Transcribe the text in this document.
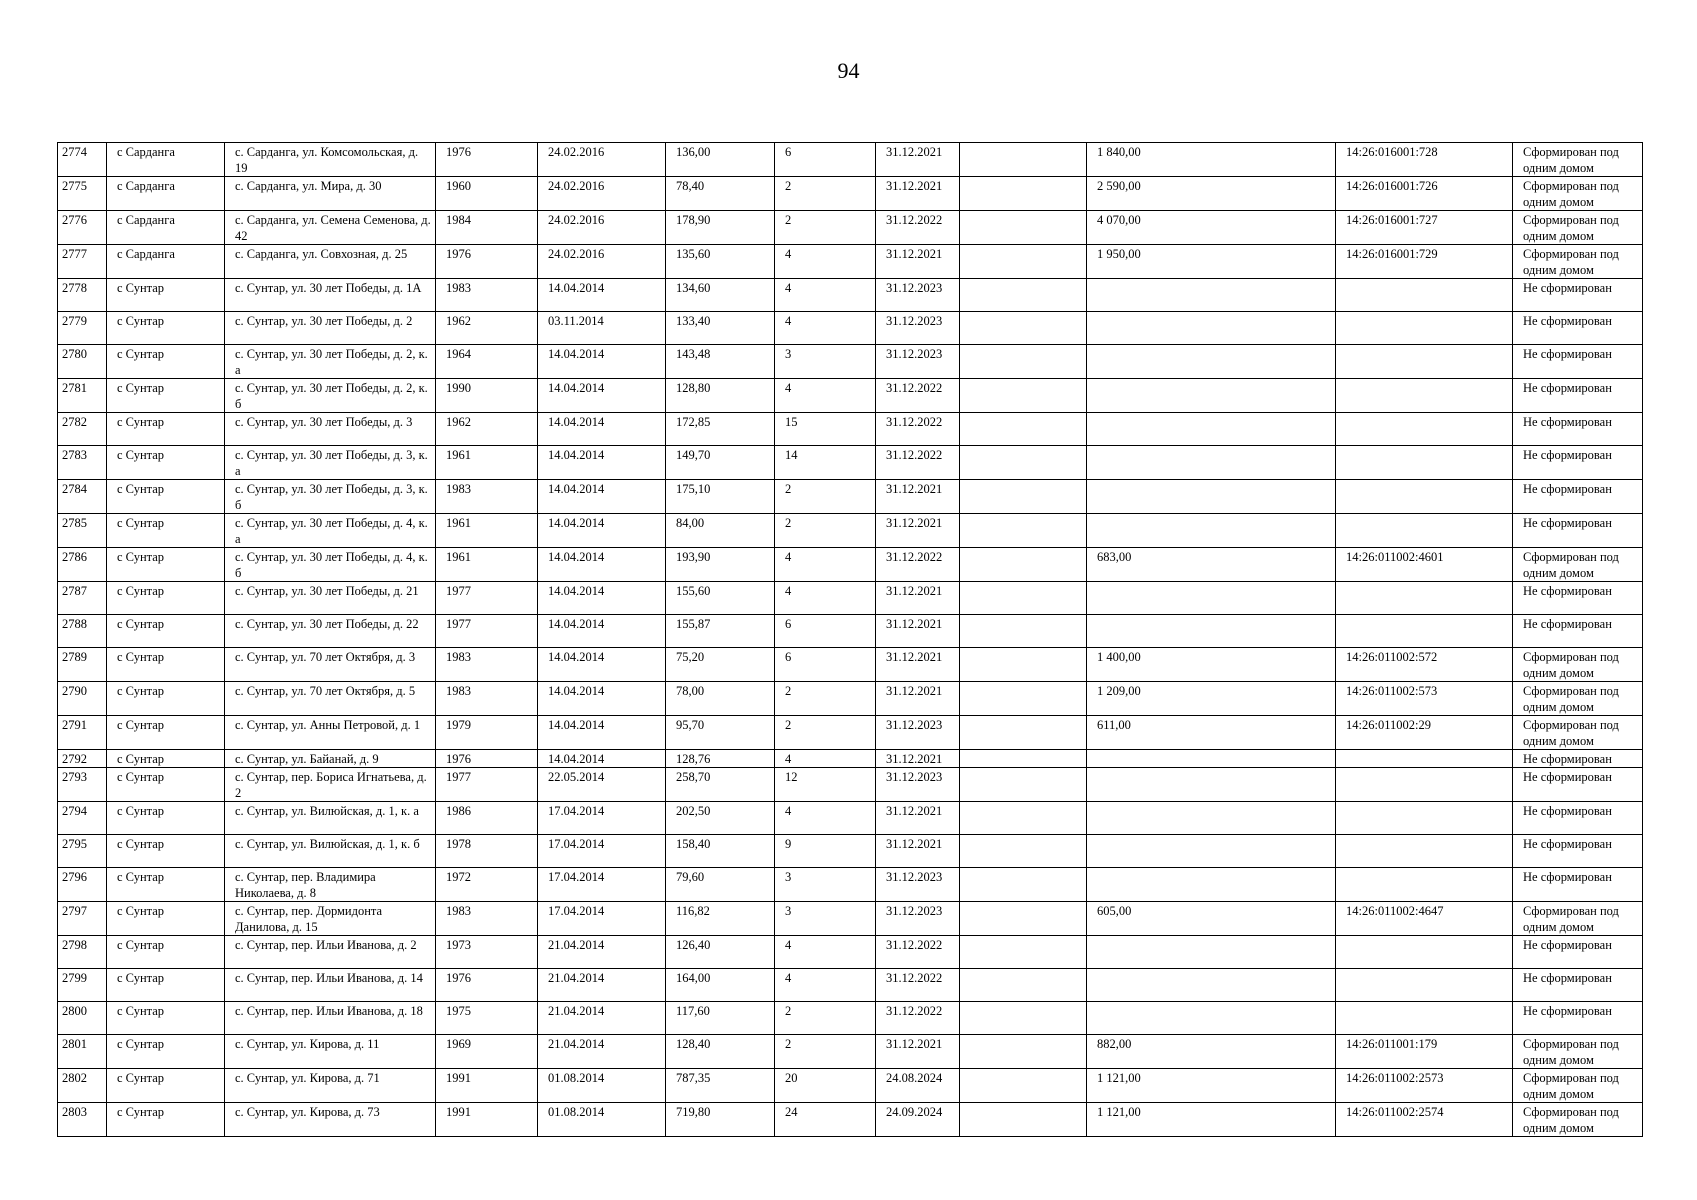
94
2774	с Сарданга	с. Сарданга, ул. Комсомольская, д. 19	1976	24.02.2016	136,00	6	31.12.2021		1 840,00	14:26:016001:728	Сформирован под одним домом
2775	с Сарданга	с. Сарданга, ул. Мира, д. 30	1960	24.02.2016	78,40	2	31.12.2021		2 590,00	14:26:016001:726	Сформирован под одним домом
2776	с Сарданга	с. Сарданга, ул. Семена Семенова, д. 42	1984	24.02.2016	178,90	2	31.12.2022		4 070,00	14:26:016001:727	Сформирован под одним домом
2777	с Сарданга	с. Сарданга, ул. Совхозная, д. 25	1976	24.02.2016	135,60	4	31.12.2021		1 950,00	14:26:016001:729	Сформирован под одним домом
2778	с Сунтар	с. Сунтар, ул. 30 лет Победы, д. 1А	1983	14.04.2014	134,60	4	31.12.2023				Не сформирован
2779	с Сунтар	с. Сунтар, ул. 30 лет Победы, д. 2	1962	03.11.2014	133,40	4	31.12.2023				Не сформирован
2780	с Сунтар	с. Сунтар, ул. 30 лет Победы, д. 2, к. а	1964	14.04.2014	143,48	3	31.12.2023				Не сформирован
2781	с Сунтар	с. Сунтар, ул. 30 лет Победы, д. 2, к. б	1990	14.04.2014	128,80	4	31.12.2022				Не сформирован
2782	с Сунтар	с. Сунтар, ул. 30 лет Победы, д. 3	1962	14.04.2014	172,85	15	31.12.2022				Не сформирован
2783	с Сунтар	с. Сунтар, ул. 30 лет Победы, д. 3, к. а	1961	14.04.2014	149,70	14	31.12.2022				Не сформирован
2784	с Сунтар	с. Сунтар, ул. 30 лет Победы, д. 3, к. б	1983	14.04.2014	175,10	2	31.12.2021				Не сформирован
2785	с Сунтар	с. Сунтар, ул. 30 лет Победы, д. 4, к. а	1961	14.04.2014	84,00	2	31.12.2021				Не сформирован
2786	с Сунтар	с. Сунтар, ул. 30 лет Победы, д. 4, к. б	1961	14.04.2014	193,90	4	31.12.2022		683,00	14:26:011002:4601	Сформирован под одним домом
2787	с Сунтар	с. Сунтар, ул. 30 лет Победы, д. 21	1977	14.04.2014	155,60	4	31.12.2021				Не сформирован
2788	с Сунтар	с. Сунтар, ул. 30 лет Победы, д. 22	1977	14.04.2014	155,87	6	31.12.2021				Не сформирован
2789	с Сунтар	с. Сунтар, ул. 70 лет Октября, д. 3	1983	14.04.2014	75,20	6	31.12.2021		1 400,00	14:26:011002:572	Сформирован под одним домом
2790	с Сунтар	с. Сунтар, ул. 70 лет Октября, д. 5	1983	14.04.2014	78,00	2	31.12.2021		1 209,00	14:26:011002:573	Сформирован под одним домом
2791	с Сунтар	с. Сунтар, ул. Анны Петровой, д. 1	1979	14.04.2014	95,70	2	31.12.2023		611,00	14:26:011002:29	Сформирован под одним домом
2792	с Сунтар	с. Сунтар, ул. Байанай, д. 9	1976	14.04.2014	128,76	4	31.12.2021				Не сформирован
2793	с Сунтар	с. Сунтар, пер. Бориса Игнатьева, д. 2	1977	22.05.2014	258,70	12	31.12.2023				Не сформирован
2794	с Сунтар	с. Сунтар, ул. Вилюйская, д. 1, к. а	1986	17.04.2014	202,50	4	31.12.2021				Не сформирован
2795	с Сунтар	с. Сунтар, ул. Вилюйская, д. 1, к. б	1978	17.04.2014	158,40	9	31.12.2021				Не сформирован
2796	с Сунтар	с. Сунтар, пер. Владимира Николаева, д. 8	1972	17.04.2014	79,60	3	31.12.2023				Не сформирован
2797	с Сунтар	с. Сунтар, пер. Дормидонта Данилова, д. 15	1983	17.04.2014	116,82	3	31.12.2023		605,00	14:26:011002:4647	Сформирован под одним домом
2798	с Сунтар	с. Сунтар, пер. Ильи Иванова, д. 2	1973	21.04.2014	126,40	4	31.12.2022				Не сформирован
2799	с Сунтар	с. Сунтар, пер. Ильи Иванова, д. 14	1976	21.04.2014	164,00	4	31.12.2022				Не сформирован
2800	с Сунтар	с. Сунтар, пер. Ильи Иванова, д. 18	1975	21.04.2014	117,60	2	31.12.2022				Не сформирован
2801	с Сунтар	с. Сунтар, ул. Кирова, д. 11	1969	21.04.2014	128,40	2	31.12.2021		882,00	14:26:011001:179	Сформирован под одним домом
2802	с Сунтар	с. Сунтар, ул. Кирова, д. 71	1991	01.08.2014	787,35	20	24.08.2024		1 121,00	14:26:011002:2573	Сформирован под одним домом
2803	с Сунтар	с. Сунтар, ул. Кирова, д. 73	1991	01.08.2014	719,80	24	24.09.2024		1 121,00	14:26:011002:2574	Сформирован под одним домом
